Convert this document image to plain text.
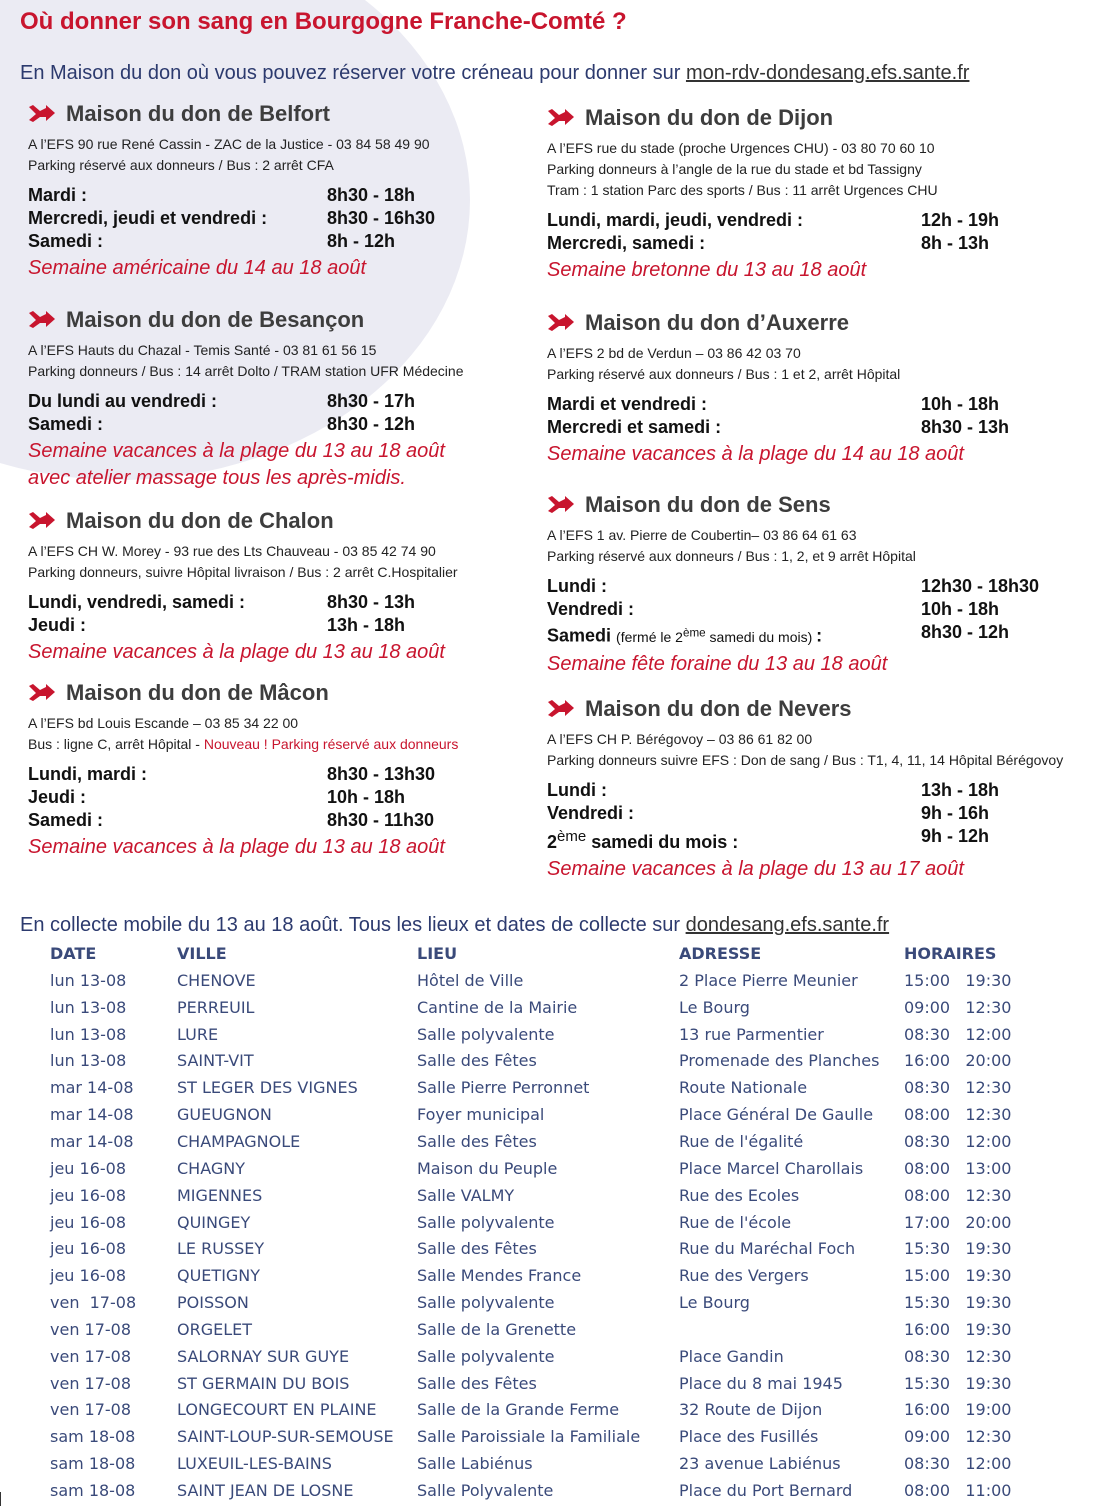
Où donner son sang en Bourgogne Franche-Comté ?
En Maison du don où vous pouvez réserver votre créneau pour donner sur mon-rdv-dondesang.efs.sante.fr
Maison du don de Belfort
A l’EFS 90 rue René Cassin - ZAC de la Justice - 03 84 58 49 90
Parking réservé aux donneurs / Bus : 2 arrêt CFA
Mardi :	8h30 - 18h
Mercredi, jeudi et vendredi :	8h30 - 16h30
Samedi :	8h - 12h
Semaine américaine du 14 au 18 août
Maison du don de Besançon
A l’EFS Hauts du Chazal - Temis Santé - 03 81 61 56 15
Parking donneurs / Bus : 14 arrêt Dolto / TRAM station UFR Médecine
Du lundi au vendredi :	8h30 - 17h
Samedi :	8h30 - 12h
Semaine vacances à la plage du 13 au 18 août
avec atelier massage tous les après-midis.
Maison du don de Chalon
A l’EFS CH W. Morey - 93 rue des Lts Chauveau - 03 85 42 74 90
Parking donneurs, suivre Hôpital livraison / Bus : 2 arrêt C.Hospitalier
Lundi, vendredi, samedi :	8h30 - 13h
Jeudi :	13h - 18h
Semaine vacances à la plage du 13 au 18 août
Maison du don de Mâcon
A l’EFS bd Louis Escande – 03 85 34 22 00
Bus : ligne C, arrêt Hôpital - Nouveau ! Parking réservé aux donneurs
Lundi, mardi :	8h30 - 13h30
Jeudi :	10h - 18h
Samedi :	8h30 - 11h30
Semaine vacances à la plage du 13 au 18 août
Maison du don de Dijon
A l’EFS rue du stade (proche Urgences CHU) - 03 80 70 60 10
Parking donneurs à l’angle de la rue du stade et bd Tassigny
Tram : 1 station Parc des sports / Bus : 11 arrêt Urgences CHU
Lundi, mardi, jeudi, vendredi :	12h - 19h
Mercredi, samedi :	8h - 13h
Semaine bretonne du 13 au 18 août
Maison du don d’Auxerre
A l’EFS 2 bd de Verdun – 03 86 42 03 70
Parking réservé aux donneurs / Bus : 1 et 2, arrêt Hôpital
Mardi et vendredi :	10h - 18h
Mercredi et samedi :	8h30 - 13h
Semaine vacances à la plage du 14 au 18 août
Maison du don de Sens
A l’EFS 1 av. Pierre de Coubertin– 03 86 64 61 63
Parking réservé aux donneurs / Bus : 1, 2, et 9 arrêt Hôpital
Lundi :	12h30 - 18h30
Vendredi :	10h - 18h
Samedi (fermé le 2ème samedi du mois) :	8h30 - 12h
Semaine fête foraine du 13 au 18 août
Maison du don de Nevers
A l’EFS CH P. Bérégovoy – 03 86 61 82 00
Parking donneurs suivre EFS : Don de sang / Bus : T1, 4, 11, 14 Hôpital Bérégovoy
Lundi :	13h - 18h
Vendredi :	9h - 16h
2ème samedi du mois :	9h - 12h
Semaine vacances à la plage du 13 au 17 août
En collecte mobile du 13 au 18 août. Tous les lieux et dates de collecte sur dondesang.efs.sante.fr
DATE	VILLE	LIEU	ADRESSE	HORAIRES
lun 13-08	CHENOVE	Hôtel de Ville	2 Place Pierre Meunier	15:00   19:30
lun 13-08	PERREUIL	Cantine de la Mairie	Le Bourg	09:00   12:30
lun 13-08	LURE	Salle polyvalente	13 rue Parmentier	08:30   12:00
lun 13-08	SAINT-VIT	Salle des Fêtes	Promenade des Planches	16:00   20:00
mar 14-08	ST LEGER DES VIGNES	Salle Pierre Perronnet	Route Nationale	08:30   12:30
mar 14-08	GUEUGNON	Foyer municipal	Place Général De Gaulle	08:00   12:30
mar 14-08	CHAMPAGNOLE	Salle des Fêtes	Rue de l'égalité	08:30   12:00
jeu 16-08	CHAGNY	Maison du Peuple	Place Marcel Charollais	08:00   13:00
jeu 16-08	MIGENNES	Salle VALMY	Rue des Ecoles	08:00   12:30
jeu 16-08	QUINGEY	Salle polyvalente	Rue de l'école	17:00   20:00
jeu 16-08	LE RUSSEY	Salle des Fêtes	Rue du Maréchal Foch	15:30   19:30
jeu 16-08	QUETIGNY	Salle Mendes France	Rue des Vergers	15:00   19:30
ven  17-08	POISSON	Salle polyvalente	Le Bourg	15:30   19:30
ven 17-08	ORGELET	Salle de la Grenette		16:00   19:30
ven 17-08	SALORNAY SUR GUYE	Salle polyvalente	Place Gandin	08:30   12:30
ven 17-08	ST GERMAIN DU BOIS	Salle des Fêtes	Place du 8 mai 1945	15:30   19:30
ven 17-08	LONGECOURT EN PLAINE	Salle de la Grande Ferme	32 Route de Dijon	16:00   19:00
sam 18-08	SAINT-LOUP-SUR-SEMOUSE	Salle Paroissiale la Familiale	Place des Fusillés	09:00   12:30
sam 18-08	LUXEUIL-LES-BAINS	Salle Labiénus	23 avenue Labiénus	08:30   12:00
sam 18-08	SAINT JEAN DE LOSNE	Salle Polyvalente	Place du Port Bernard	08:00   11:00
